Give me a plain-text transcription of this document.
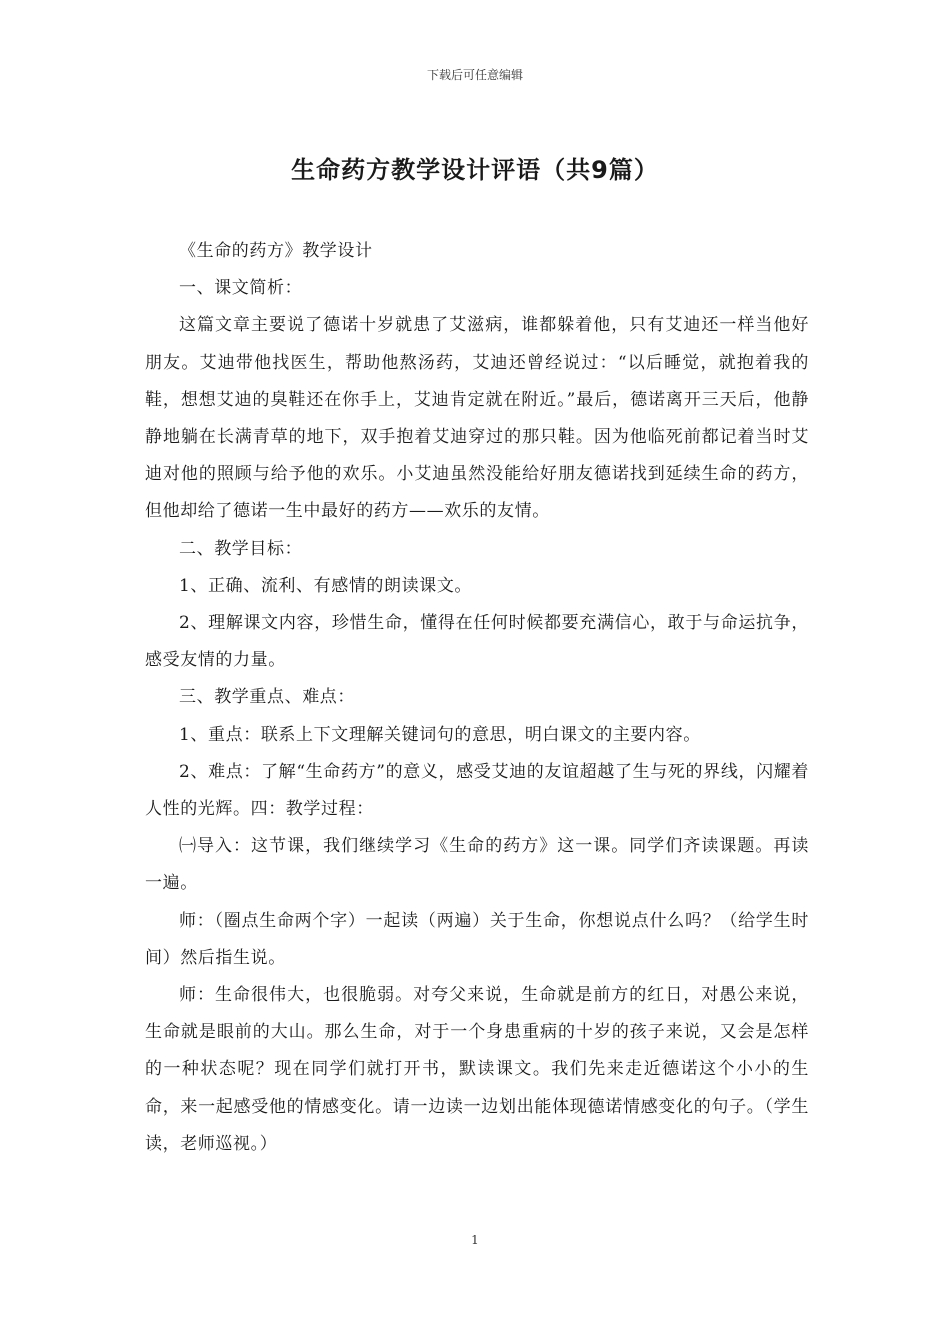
下载后可任意编辑
生命药方教学设计评语（共9篇）

《生命的药方》教学设计

一、课文简析：

这篇文章主要说了德诺十岁就患了艾滋病，谁都躲着他，只有艾迪还一样当他好朋友。艾迪带他找医生，帮助他熬汤药，艾迪还曾经说过：“以后睡觉，就抱着我的鞋，想想艾迪的臭鞋还在你手上，艾迪肯定就在附近。”最后，德诺离开三天后，他静静地躺在长满青草的地下，双手抱着艾迪穿过的那只鞋。因为他临死前都记着当时艾迪对他的照顾与给予他的欢乐。小艾迪虽然没能给好朋友德诺找到延续生命的药方，但他却给了德诺一生中最好的药方——欢乐的友情。

二、教学目标：

1、正确、流利、有感情的朗读课文。

2、理解课文内容，珍惜生命，懂得在任何时候都要充满信心，敢于与命运抗争，感受友情的力量。

三、教学重点、难点：

1、重点：联系上下文理解关键词句的意思，明白课文的主要内容。

2、难点：了解“生命药方”的意义，感受艾迪的友谊超越了生与死的界线，闪耀着人性的光辉。四：教学过程：

㈠导入：这节课，我们继续学习《生命的药方》这一课。同学们齐读课题。再读一遍。

师：（圈点生命两个字）一起读（两遍）关于生命，你想说点什么吗？（给学生时间）然后指生说。

师：生命很伟大，也很脆弱。对夸父来说，生命就是前方的红日，对愚公来说，生命就是眼前的大山。那么生命，对于一个身患重病的十岁的孩子来说，又会是怎样的一种状态呢？现在同学们就打开书，默读课文。我们先来走近德诺这个小小的生命，来一起感受他的情感变化。请一边读一边划出能体现德诺情感变化的句子。（学生读，老师巡视。）

1
